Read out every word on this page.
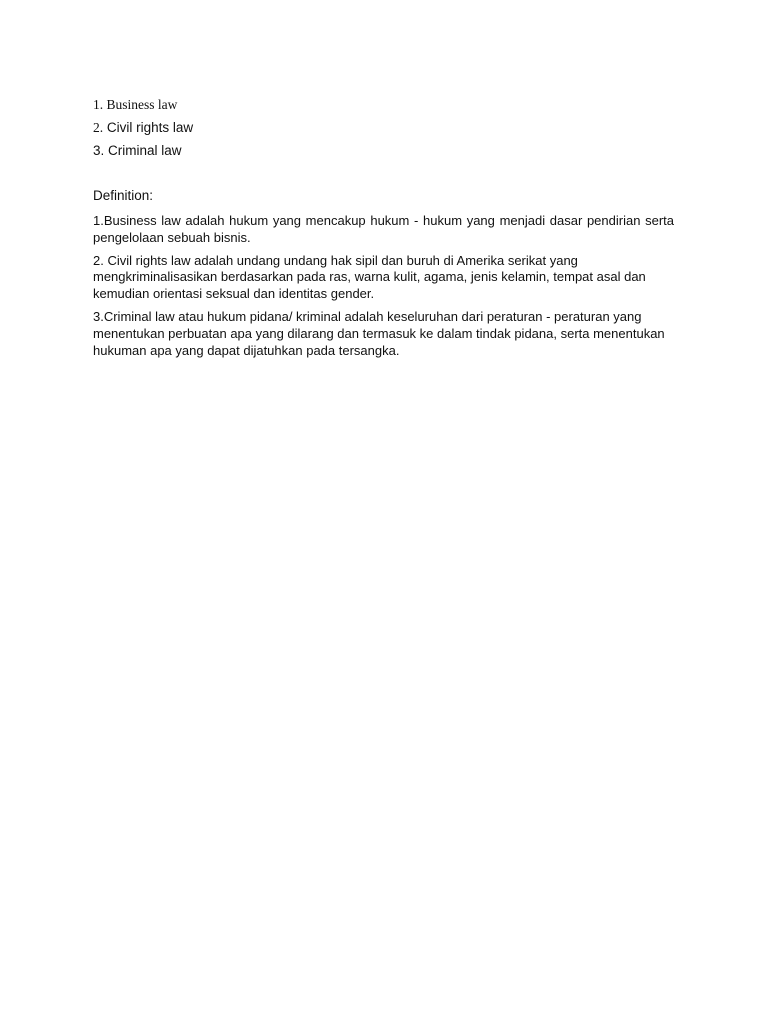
1. Business law

2. Civil rights law

3. Criminal law

Definition:

1.Business law adalah hukum yang mencakup hukum - hukum yang menjadi dasar pendirian serta pengelolaan sebuah bisnis.

2. Civil rights law adalah undang undang hak sipil dan buruh di Amerika serikat yang mengkriminalisasikan berdasarkan pada ras, warna kulit, agama, jenis kelamin, tempat asal dan kemudian orientasi seksual dan identitas gender.

3.Criminal law atau hukum pidana/ kriminal adalah keseluruhan dari peraturan - peraturan yang menentukan perbuatan apa yang dilarang dan termasuk ke dalam tindak pidana, serta menentukan hukuman apa yang dapat dijatuhkan pada tersangka.
